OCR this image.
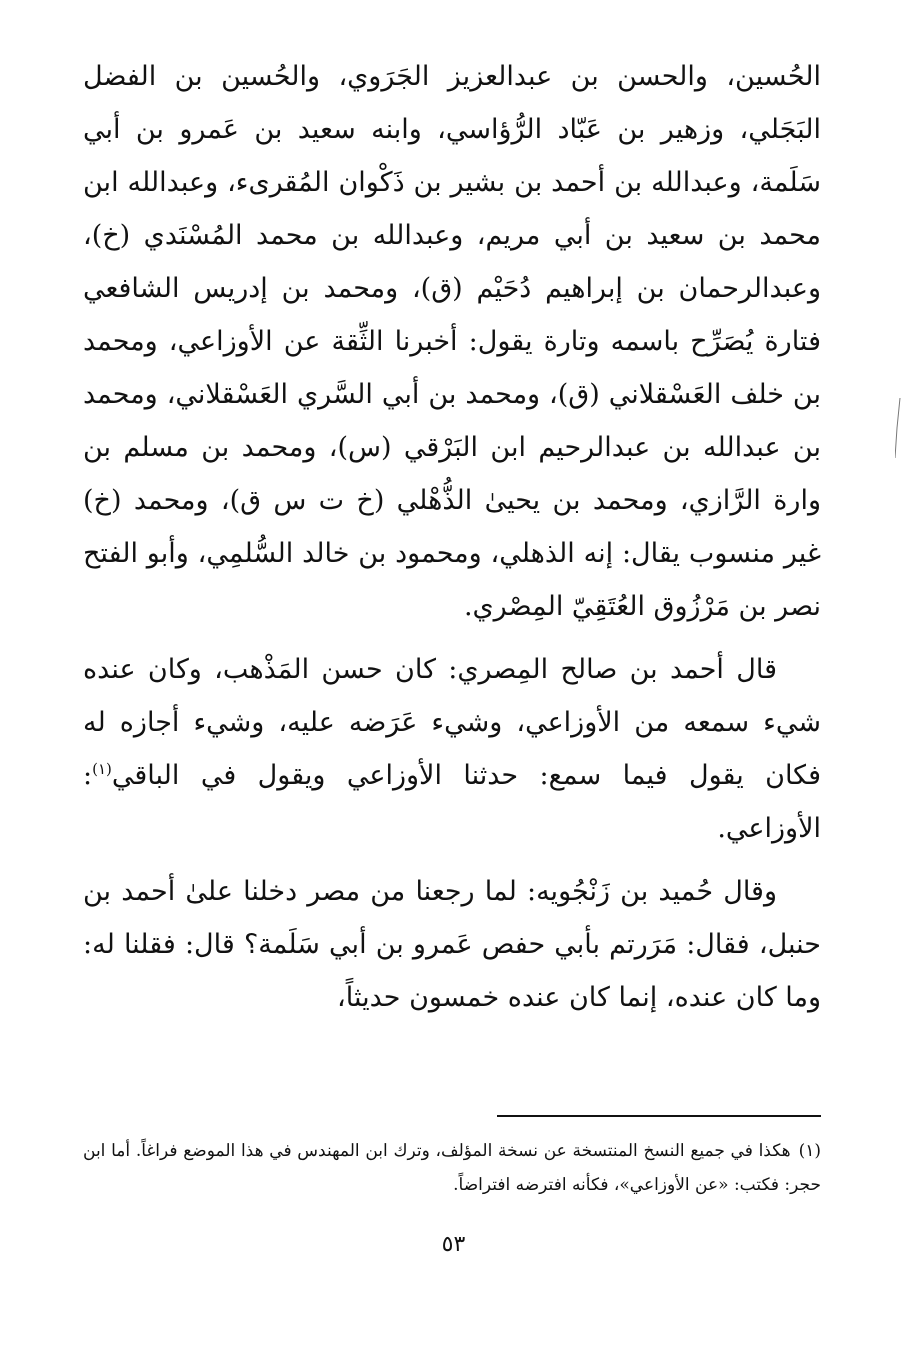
الحُسين، والحسن بن عبدالعزيز الجَرَوي، والحُسين بن الفضل البَجَلي، وزهير بن عَبّاد الرُّؤاسي، وابنه سعيد بن عَمرو بن أبي سَلَمة، وعبدالله بن أحمد بن بشير بن ذَكْوان المُقرىء، وعبدالله ابن محمد بن سعيد بن أبي مريم، وعبدالله بن محمد المُسْنَدي (خ)، وعبدالرحمان بن إبراهيم دُحَيْم (ق)، ومحمد بن إدريس الشافعي فتارة يُصَرِّح باسمه وتارة يقول: أخبرنا الثِّقة عن الأوزاعي، ومحمد بن خلف العَسْقلاني (ق)، ومحمد بن أبي السَّري العَسْقلاني، ومحمد بن عبدالله بن عبدالرحيم ابن البَرْقي (س)، ومحمد بن مسلم بن وارة الرَّازي، ومحمد بن يحيىٰ الذُّهْلي (خ ت س ق)، ومحمد (خ) غير منسوب يقال: إنه الذهلي، ومحمود بن خالد السُّلمِي، وأبو الفتح نصر بن مَرْزُوق العُتَقِيّ المِصْري.

قال أحمد بن صالح المِصري: كان حسن المَذْهب، وكان عنده شيء سمعه من الأوزاعي، وشيء عَرَضه عليه، وشيء أجازه له فكان يقول فيما سمع: حدثنا الأوزاعي ويقول في الباقي$^{(١)}$: الأوزاعي.

وقال حُميد بن زَنْجُويه: لما رجعنا من مصر دخلنا علىٰ أحمد بن حنبل، فقال: مَرَرتم بأبي حفص عَمرو بن أبي سَلَمة؟ قال: فقلنا له: وما كان عنده، إنما كان عنده خمسون حديثاً،

(١)هكذا في جميع النسخ المنتسخة عن نسخة المؤلف، وترك ابن المهندس في هذا الموضع فراغاً. أما ابن حجر: فكتب: «عن الأوزاعي»، فكأنه افترضه افتراضاً.
٥٣
